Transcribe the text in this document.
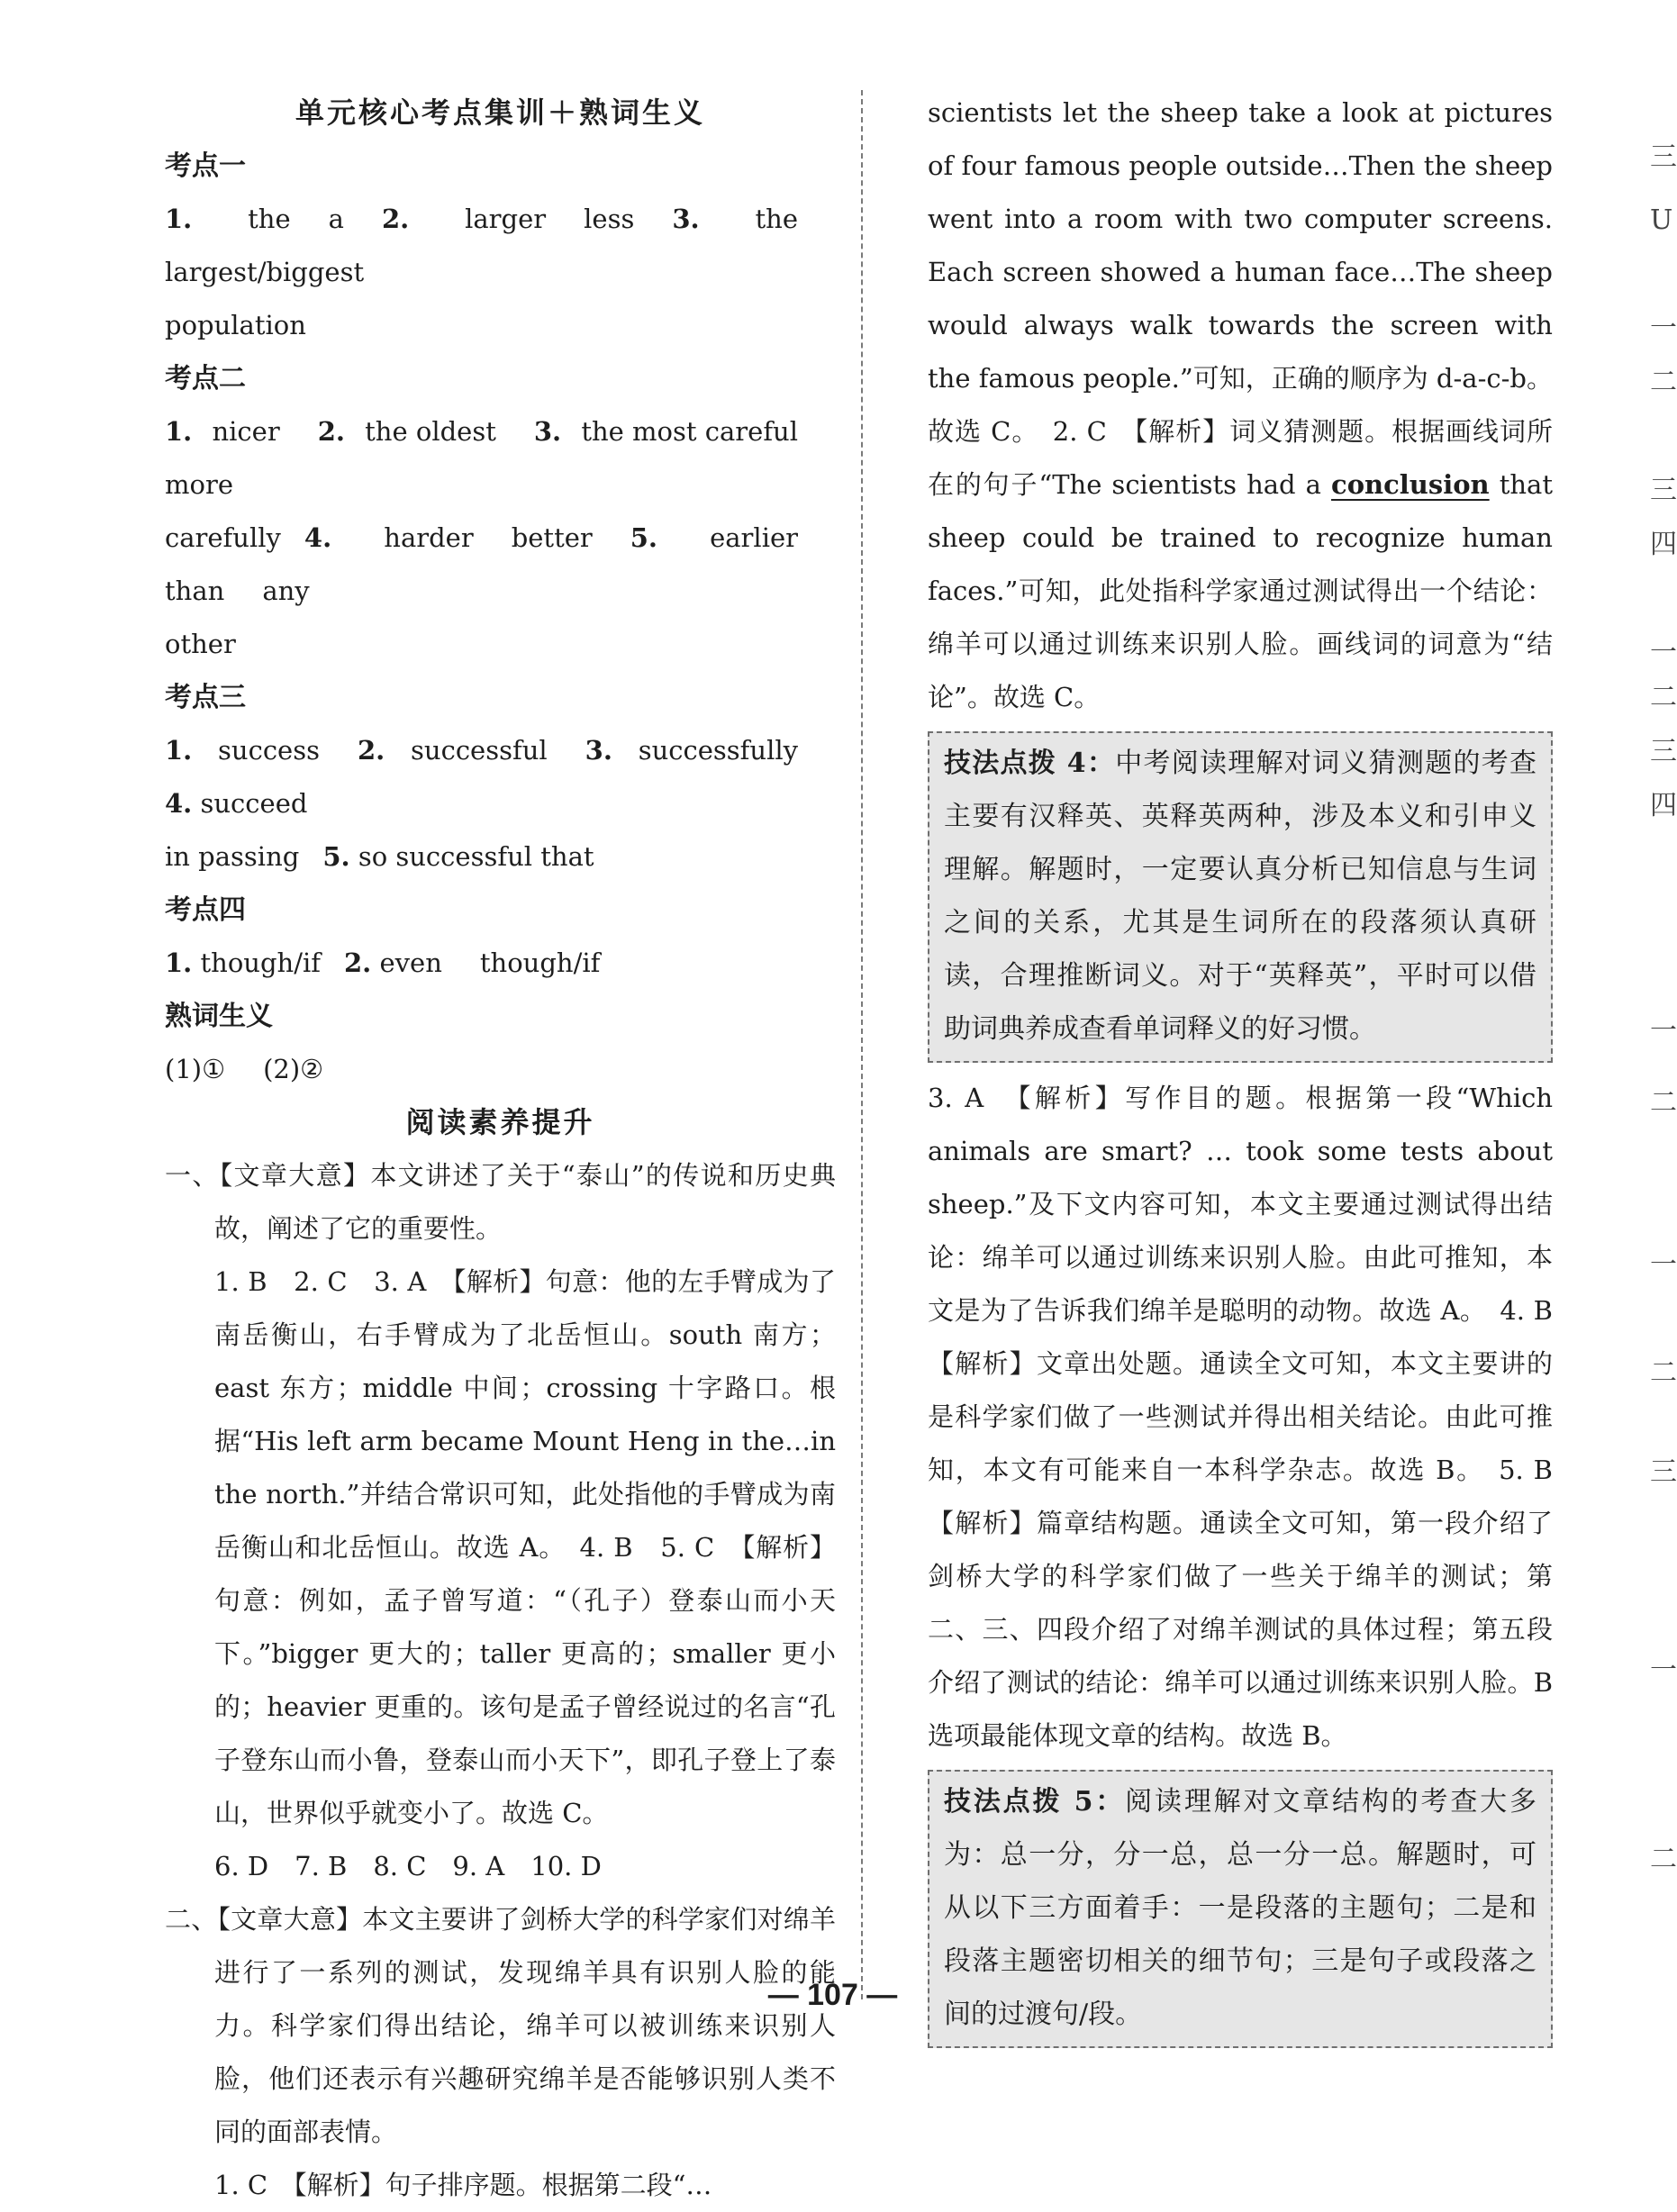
单元核心考点集训＋熟词生义
考点一

1. the a 2. larger less 3. thelargest/biggest

population

考点二

1. nicer 2. the oldest 3. the most carefulmore

carefully 4. harder better 5. earlierthan any

other

考点三

1. success 2. successful 3. successfully4. succeed

in passing 5. so successful that

考点四

1. though/if 2. even though/if

熟词生义

(1)① (2)②

阅读素养提升

一、【文章大意】本文讲述了关于“泰山”的传说和历史典故，阐述了它的重要性。

1. B　2. C　3. A　【解析】句意：他的左手臂成为了南岳衡山，右手臂成为了北岳恒山。south 南方；east 东方；middle 中间；crossing 十字路口。根据“His left arm became Mount Heng in the…in the north.”并结合常识可知，此处指他的手臂成为南岳衡山和北岳恒山。故选 A。　4. B　5. C　【解析】句意：例如，孟子曾写道：“（孔子）登泰山而小天下。”bigger 更大的；taller 更高的；smaller 更小的；heavier 更重的。该句是孟子曾经说过的名言“孔子登东山而小鲁，登泰山而小天下”，即孔子登上了泰山，世界似乎就变小了。故选 C。

6. D　7. B　8. C　9. A　10. D

二、【文章大意】本文主要讲了剑桥大学的科学家们对绵羊进行了一系列的测试，发现绵羊具有识别人脸的能力。科学家们得出结论，绵羊可以被训练来识别人脸，他们还表示有兴趣研究绵羊是否能够识别人类不同的面部表情。

1. C　【解析】句子排序题。根据第二段“…

scientists let the sheep take a look at pictures of four famous people outside…Then the sheep went into a room with two computer screens. Each screen showed a human face…The sheep would always walk towards the screen with the famous people.”可知，正确的顺序为 d-a-c-b。故选 C。　2. C　【解析】词义猜测题。根据画线词所在的句子“The scientists had a conclusion that sheep could be trained to recognize human faces.”可知，此处指科学家通过测试得出一个结论：绵羊可以通过训练来识别人脸。画线词的词意为“结论”。故选 C。

技法点拨 4：中考阅读理解对词义猜测题的考查主要有汉释英、英释英两种，涉及本义和引申义理解。解题时，一定要认真分析已知信息与生词之间的关系，尤其是生词所在的段落须认真研读，合理推断词义。对于“英释英”，平时可以借助词典养成查看单词释义的好习惯。

3. A　【解析】写作目的题。根据第一段“Which animals are smart? … took some tests about sheep.”及下文内容可知，本文主要通过测试得出结论：绵羊可以通过训练来识别人脸。由此可推知，本文是为了告诉我们绵羊是聪明的动物。故选 A。　4. B　【解析】文章出处题。通读全文可知，本文主要讲的是科学家们做了一些测试并得出相关结论。由此可推知，本文有可能来自一本科学杂志。故选 B。　5. B　【解析】篇章结构题。通读全文可知，第一段介绍了剑桥大学的科学家们做了一些关于绵羊的测试；第二、三、四段介绍了对绵羊测试的具体过程；第五段介绍了测试的结论：绵羊可以通过训练来识别人脸。B 选项最能体现文章的结构。故选 B。

技法点拨 5：阅读理解对文章结构的考查大多为：总一分，分一总，总一分一总。解题时，可从以下三方面着手：一是段落的主题句；二是和段落主题密切相关的细节句；三是句子或段落之间的过渡句/段。

三
U
一
二
三
四
一
二
三
四
一
二
一
二
三
一
二
— 107 —
